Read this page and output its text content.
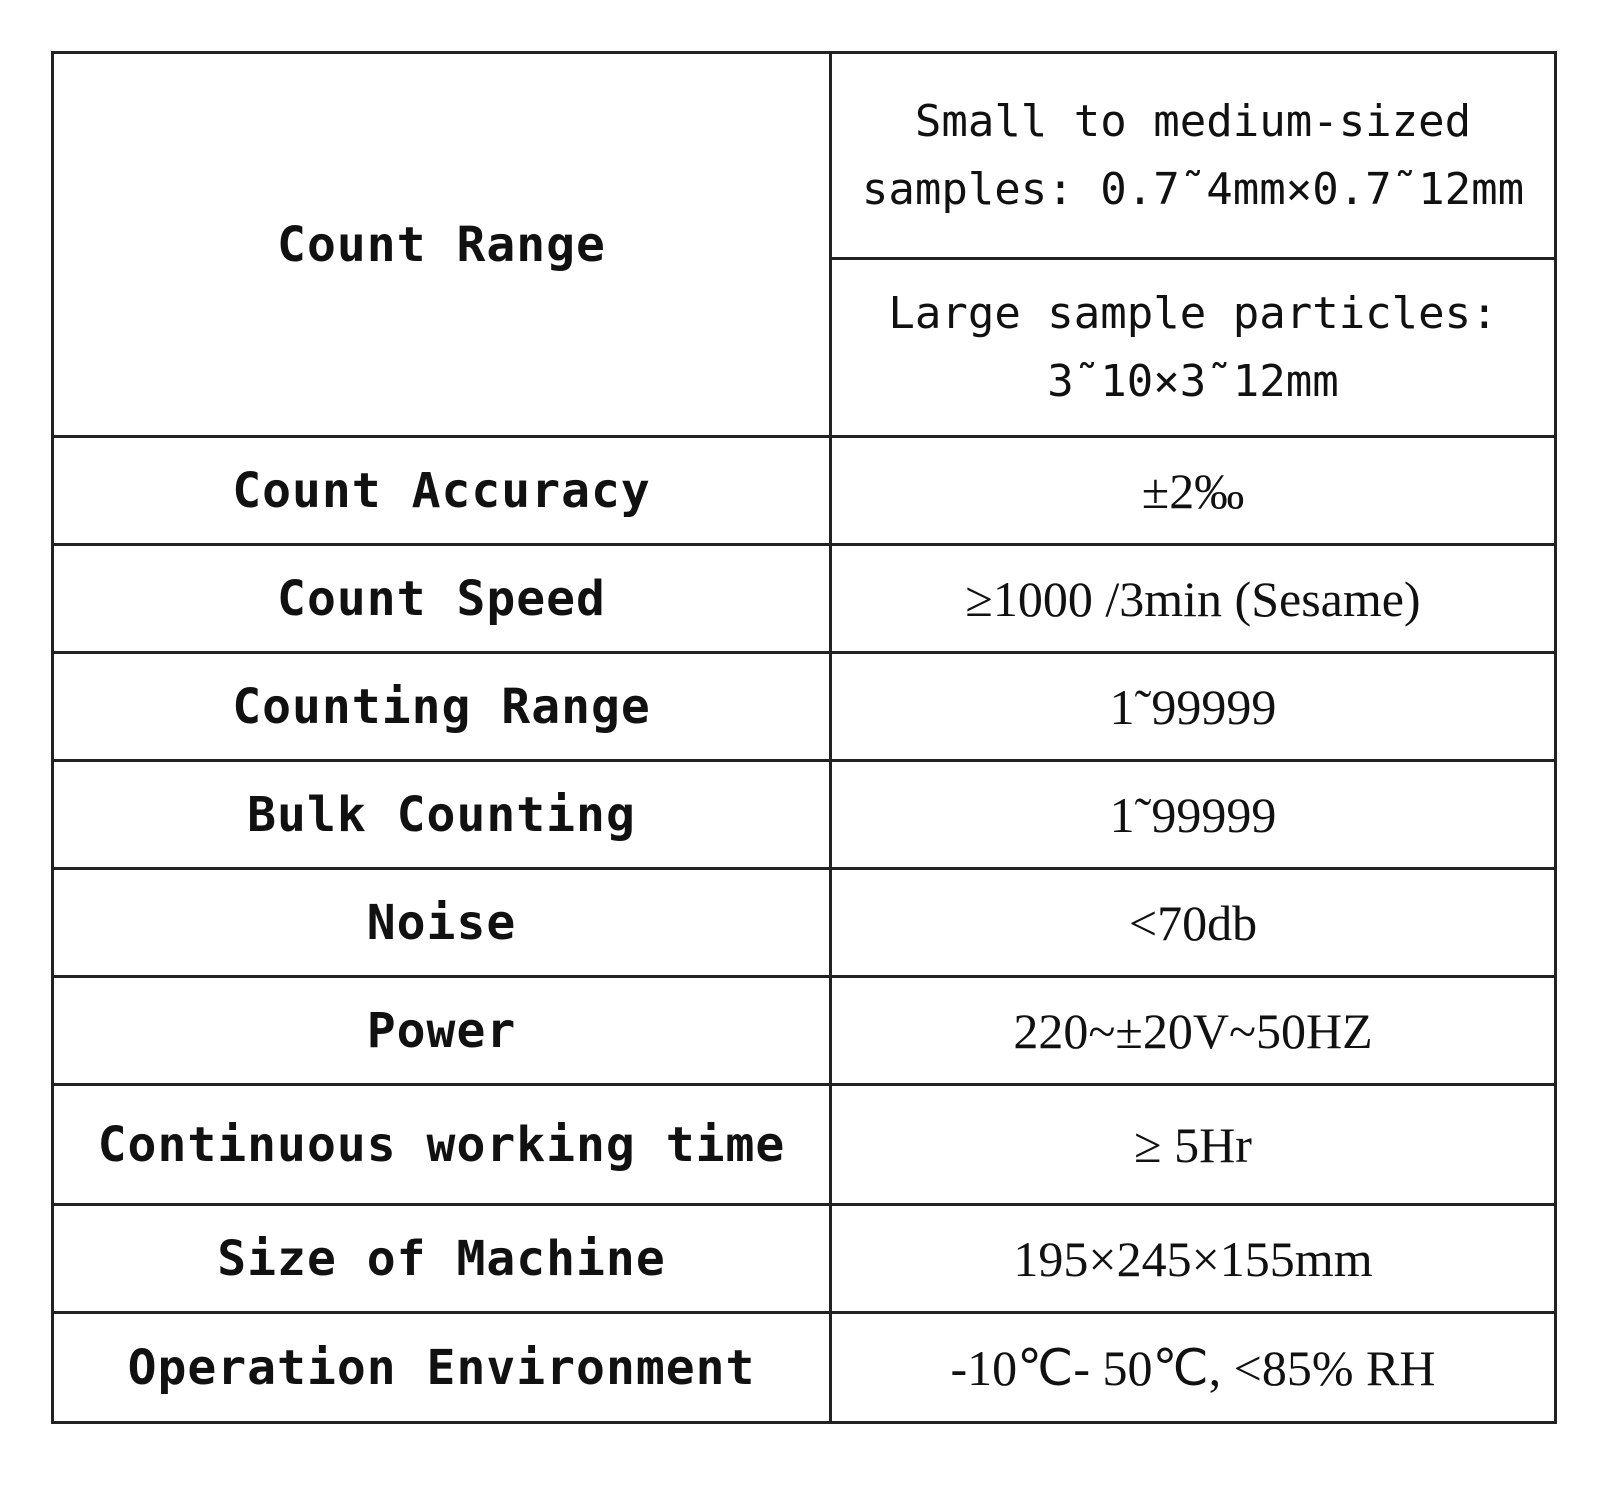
Count Range	Small to medium-sized
samples: 0.7˜4mm×0.7˜12mm

	Large sample particles:
3˜10×3˜12mm

Count Accuracy	±2‰
Count Speed	≥1000 /3min (Sesame)
Counting Range	1˜99999
Bulk Counting	1˜99999
Noise	<70db
Power	220~±20V~50HZ
Continuous working time	≥ 5Hr
Size of Machine	195×245×155mm
Operation Environment	-10℃- 50℃, <85% RH
